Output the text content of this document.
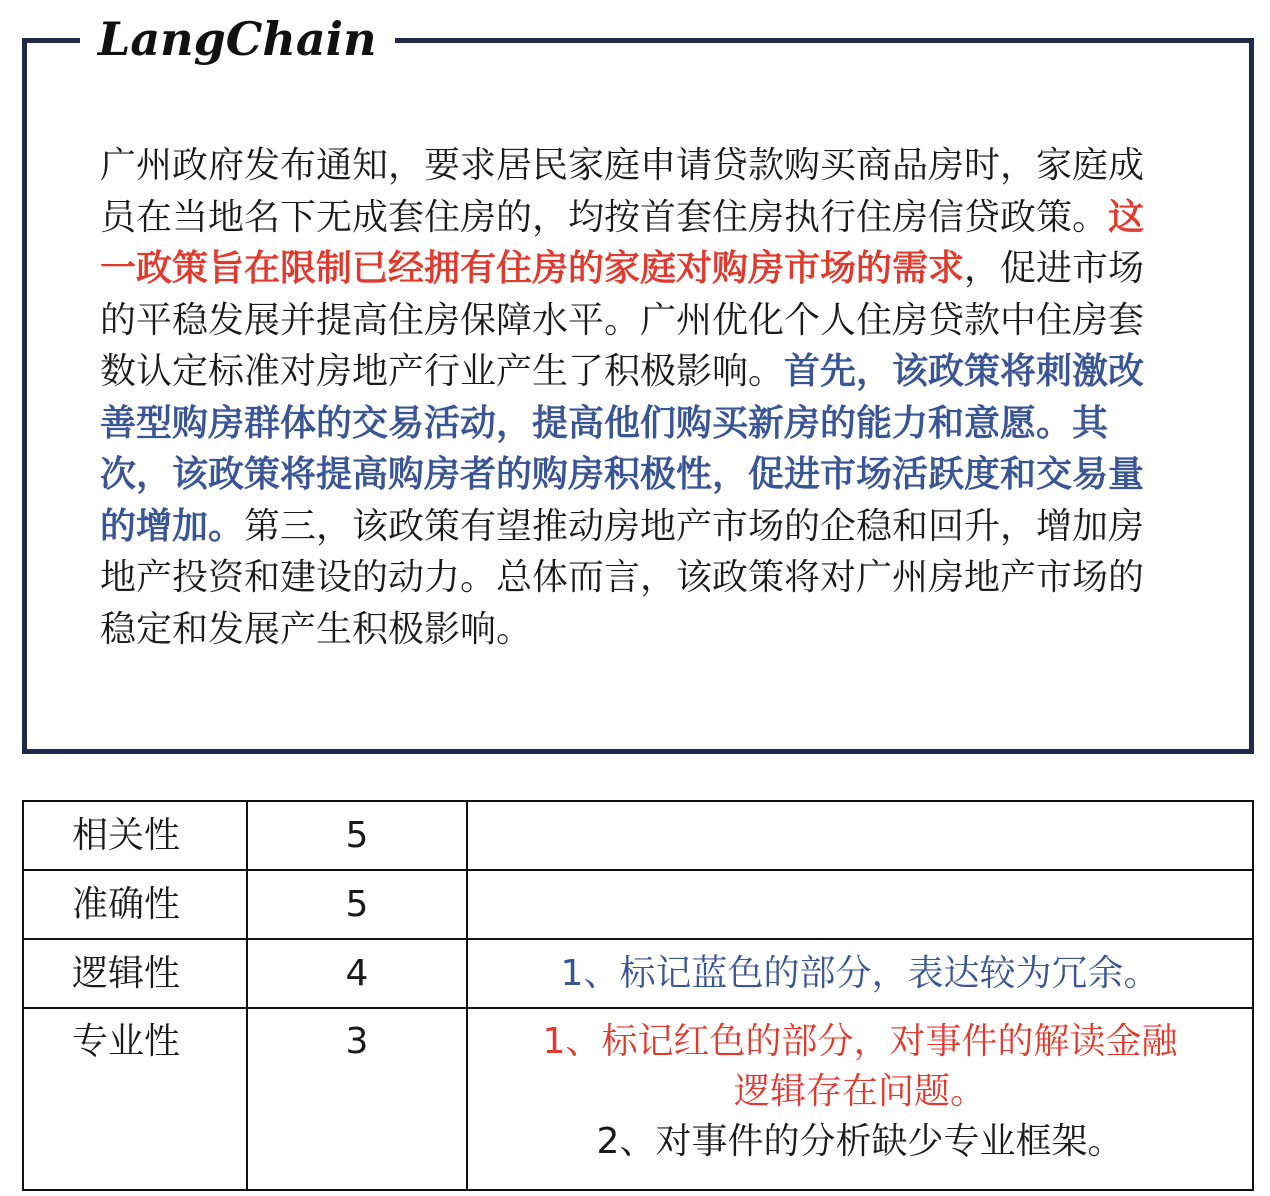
LangChain

广州政府发布通知，要求居民家庭申请贷款购买商品房时，家庭成员在当地名下无成套住房的，均按首套住房执行住房信贷政策。这一政策旨在限制已经拥有住房的家庭对购房市场的需求，促进市场的平稳发展并提高住房保障水平。广州优化个人住房贷款中住房套数认定标准对房地产行业产生了积极影响。首先，该政策将刺激改善型购房群体的交易活动，提高他们购买新房的能力和意愿。其次，该政策将提高购房者的购房积极性，促进市场活跃度和交易量的增加。第三，该政策有望推动房地产市场的企稳和回升，增加房地产投资和建设的动力。总体而言，该政策将对广州房地产市场的稳定和发展产生积极影响。

相关性	5	
准确性	5	
逻辑性	4	1、标记蓝色的部分，表达较为冗余。
专业性	3	1、标记红色的部分，对事件的解读金融
逻辑存在问题。
2、对事件的分析缺少专业框架。
